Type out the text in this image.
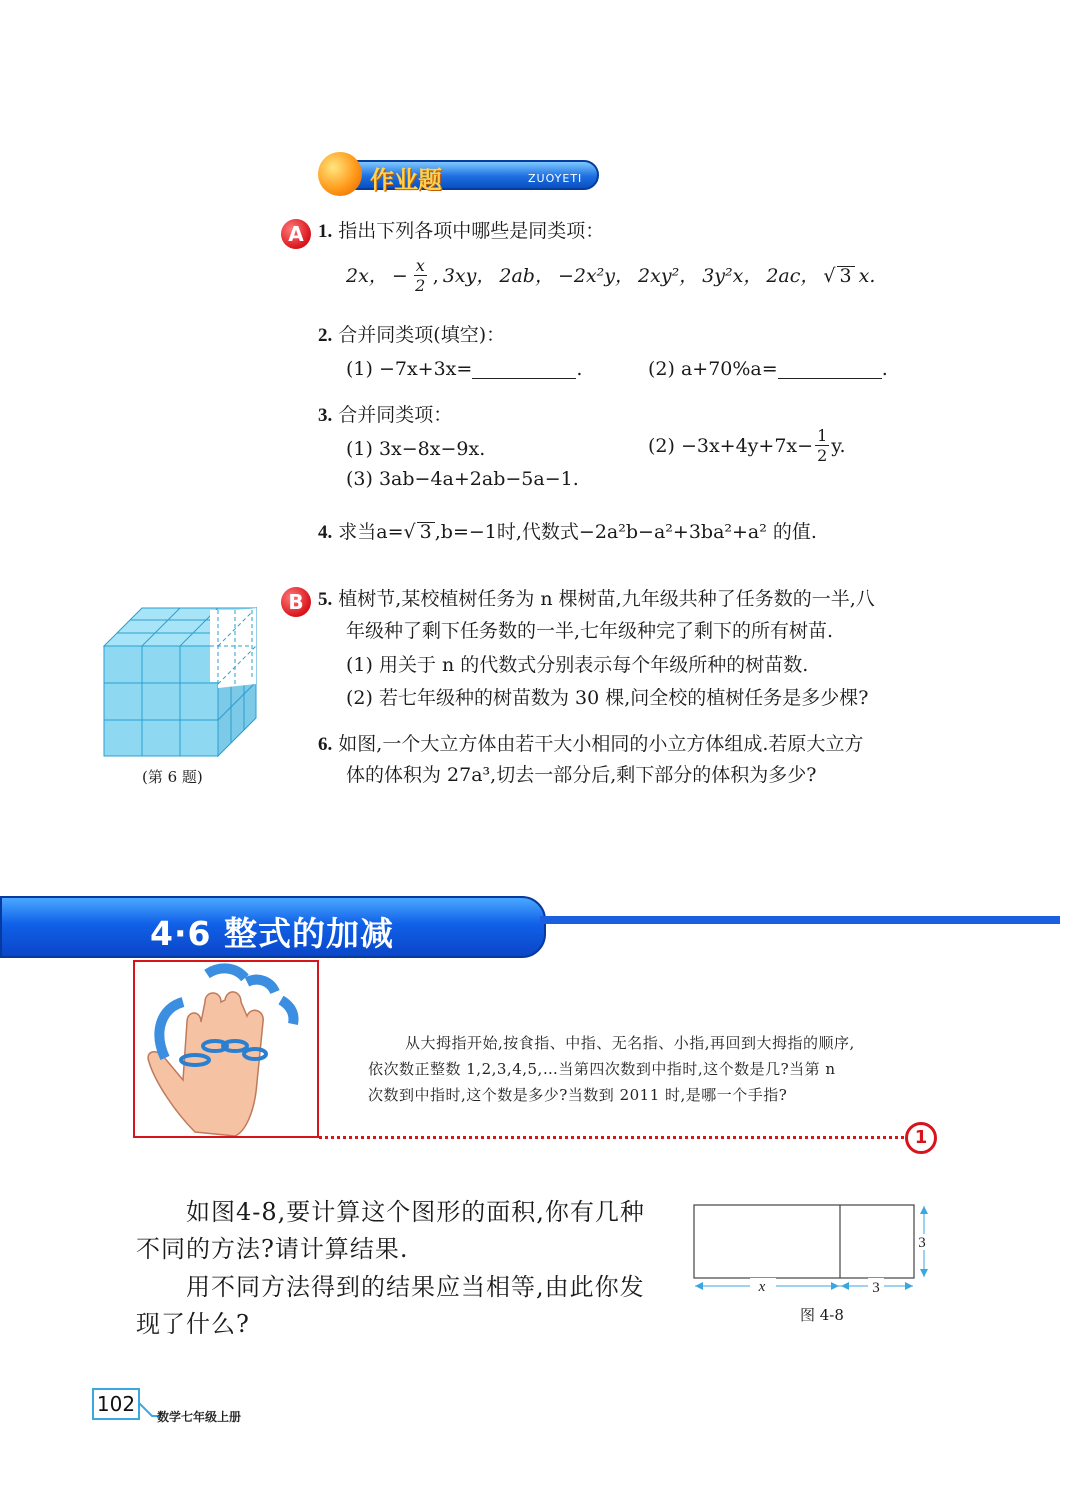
作业题	ZUOYETI
A 1. 指出下列各项中哪些是同类项：
2x， − $\frac{x}{2}$ , 3xy， 2ab， −2x²y， 2xy²， 3y²x， 2ac， √ 3 x.
2. 合并同类项(填空)：
(1) −7x+3x=	.	(2) a+70%a=	.
3. 合并同类项：
(1) 3x−8x−9x.	$(2) -3x+4y+7x- \frac{1}{2} y$.
(3) 3ab−4a+2ab−5a−1.
4. 求当a=√ 3 ,b=−1时,代数式−2a²b−a²+3ba²+a² 的值.
B 5. 植树节,某校植树任务为 n 棵树苗,九年级共种了任务数的一半,八
年级种了剩下任务数的一半,七年级种完了剩下的所有树苗.
(1) 用关于 n 的代数式分别表示每个年级所种的树苗数.
(2) 若七年级种的树苗数为 30 棵,问全校的植树任务是多少棵?
6. 如图,一个大立方体由若干大小相同的小立方体组成.若原大立方
体的体积为 27a³,切去一部分后,剩下部分的体积为多少?
(第 6 题)
4·6 整式的加减
从大拇指开始,按食指、中指、无名指、小指,再回到大拇指的顺序,
依次数正整数 1,2,3,4,5,…当第四次数到中指时,这个数是几?当第 n
次数到中指时,这个数是多少?当数到 2011 时,是哪一个手指?
1
如图4-8,要计算这个图形的面积,你有几种
不同的方法?请计算结果.
用不同方法得到的结果应当相等,由此你发
现了什么?
x	3
3
图 4-8
102
数学七年级上册
